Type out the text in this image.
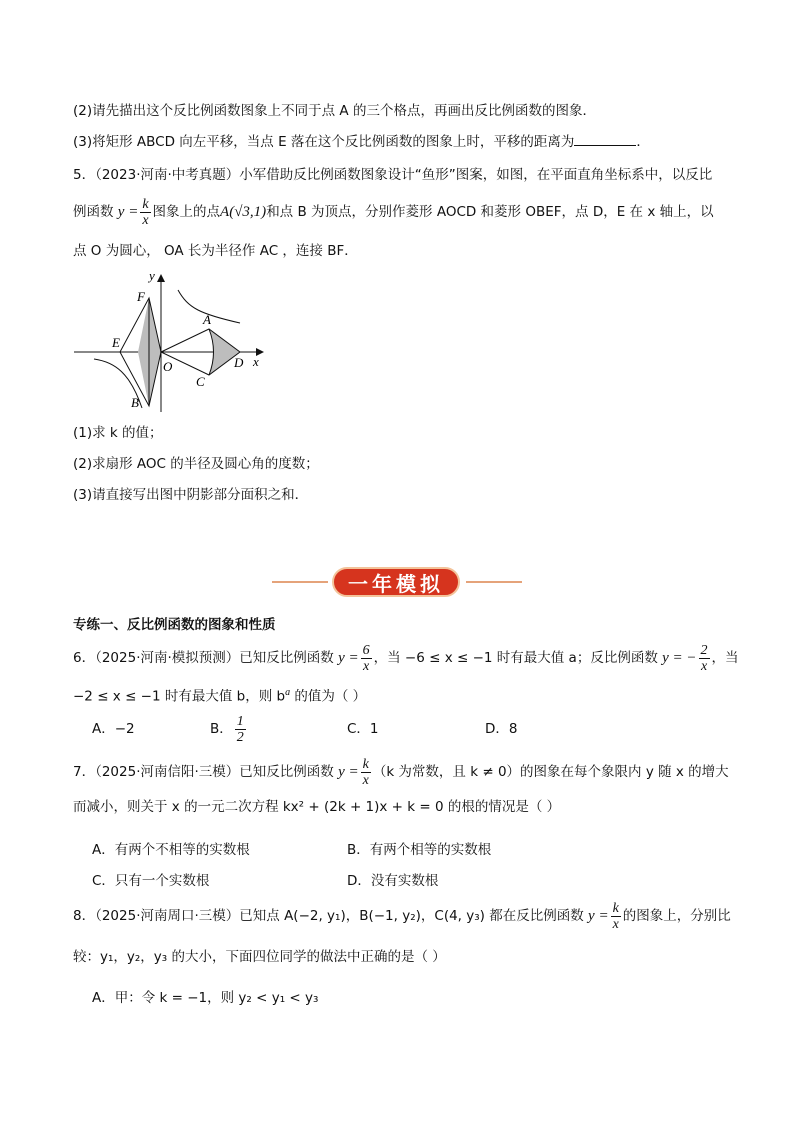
(2)请先描出这个反比例函数图象上不同于点 A 的三个格点，再画出反比例函数的图象．
(3)将矩形 ABCD 向左平移，当点 E 落在这个反比例函数的图象上时，平移的距离为	．
5．（2023·河南·中考真题）小军借助反比例函数图象设计“鱼形”图案，如图，在平面直角坐标系中，以反比
例函数 $y = \frac{k}{x}$ 图象上的点A(√3,1)和点 B 为顶点，分别作菱形 AOCD 和菱形 OBEF，点 D，E 在 x 轴上，以
点 O 为圆心， OA 长为半径作 AC ，连接 BF．
y
x
F
E
O
A
C
D
B
(1)求 k 的值；
(2)求扇形 AOC 的半径及圆心角的度数；
(3)请直接写出图中阴影部分面积之和．
一年模拟
专练一、反比例函数的图象和性质
6．（2025·河南·模拟预测）已知反比例函数 $y = \frac{6}{x}$ ，当 −6 ≤ x ≤ −1 时有最大值 a；反比例函数 y = − $\frac{2}{x}$ ，当
−2 ≤ x ≤ −1 时有最大值 b，则 $b^a$ 的值为（ ）
A．−2	B． $\frac{1}{2}$	C．1	D．8
7．（2025·河南信阳·三模）已知反比例函数 $y = \frac{k}{x} (k$ 为常数，且 k ≠ 0）的图象在每个象限内 y 随 x 的增大
而减小，则关于 x 的一元二次方程 kx² + (2k + 1)x + k = 0 的根的情况是（ ）
A．有两个不相等的实数根	B．有两个相等的实数根
C．只有一个实数根	D．没有实数根
8．（2025·河南周口·三模）已知点 A(−2, y₁)，B(−1, y₂)，C(4, y₃) 都在反比例函数 $y = \frac{k}{x}$ 的图象上，分别比
较：y₁，y₂，y₃ 的大小，下面四位同学的做法中正确的是（ ）
A．甲：令 k = −1，则 y₂ < y₁ < y₃
